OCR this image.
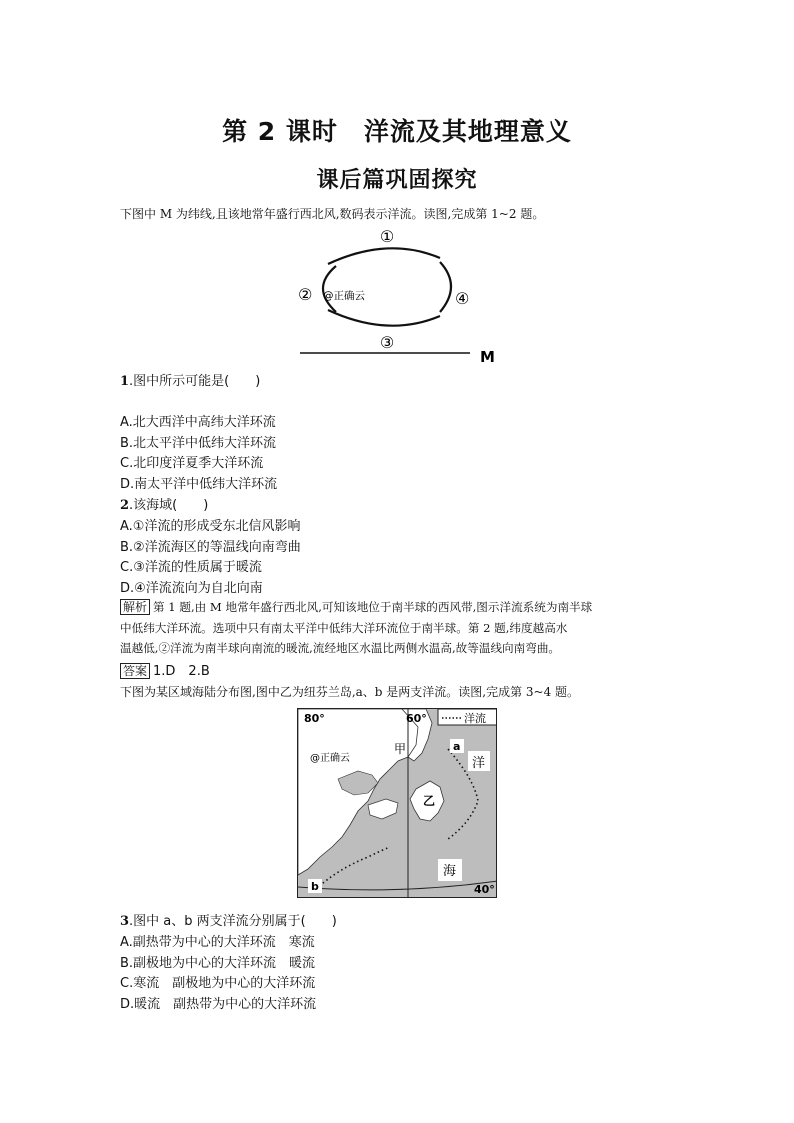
第 2 课时　洋流及其地理意义
课后篇巩固探究
下图中 M 为纬线,且该地常年盛行西北风,数码表示洋流。读图,完成第 1~2 题。
①
②	④
③
@正确云
M
1.图中所示可能是(　　)
A.北大西洋中高纬大洋环流
B.北太平洋中低纬大洋环流
C.北印度洋夏季大洋环流
D.南太平洋中低纬大洋环流
2.该海域(　　)
A.①洋流的形成受东北信风影响
B.②洋流海区的等温线向南弯曲
C.③洋流的性质属于暖流
D.④洋流流向为自北向南
解析 第 1 题,由 M 地常年盛行西北风,可知该地位于南半球的西风带,图示洋流系统为南半球
中低纬大洋环流。选项中只有南太平洋中低纬大洋环流位于南半球。第 2 题,纬度越高水
温越低,②洋流为南半球向南流的暖流,流经地区水温比两侧水温高,故等温线向南弯曲。
答案 1.D　2.B
下图为某区域海陆分布图,图中乙为纽芬兰岛,a、b 是两支洋流。读图,完成第 3~4 题。
洋流
80°	60°
40°
甲
乙
a
洋
海
b
@正确云
3.图中 a、b 两支洋流分别属于(　　)
A.副热带为中心的大洋环流　寒流
B.副极地为中心的大洋环流　暖流
C.寒流　副极地为中心的大洋环流
D.暖流　副热带为中心的大洋环流
